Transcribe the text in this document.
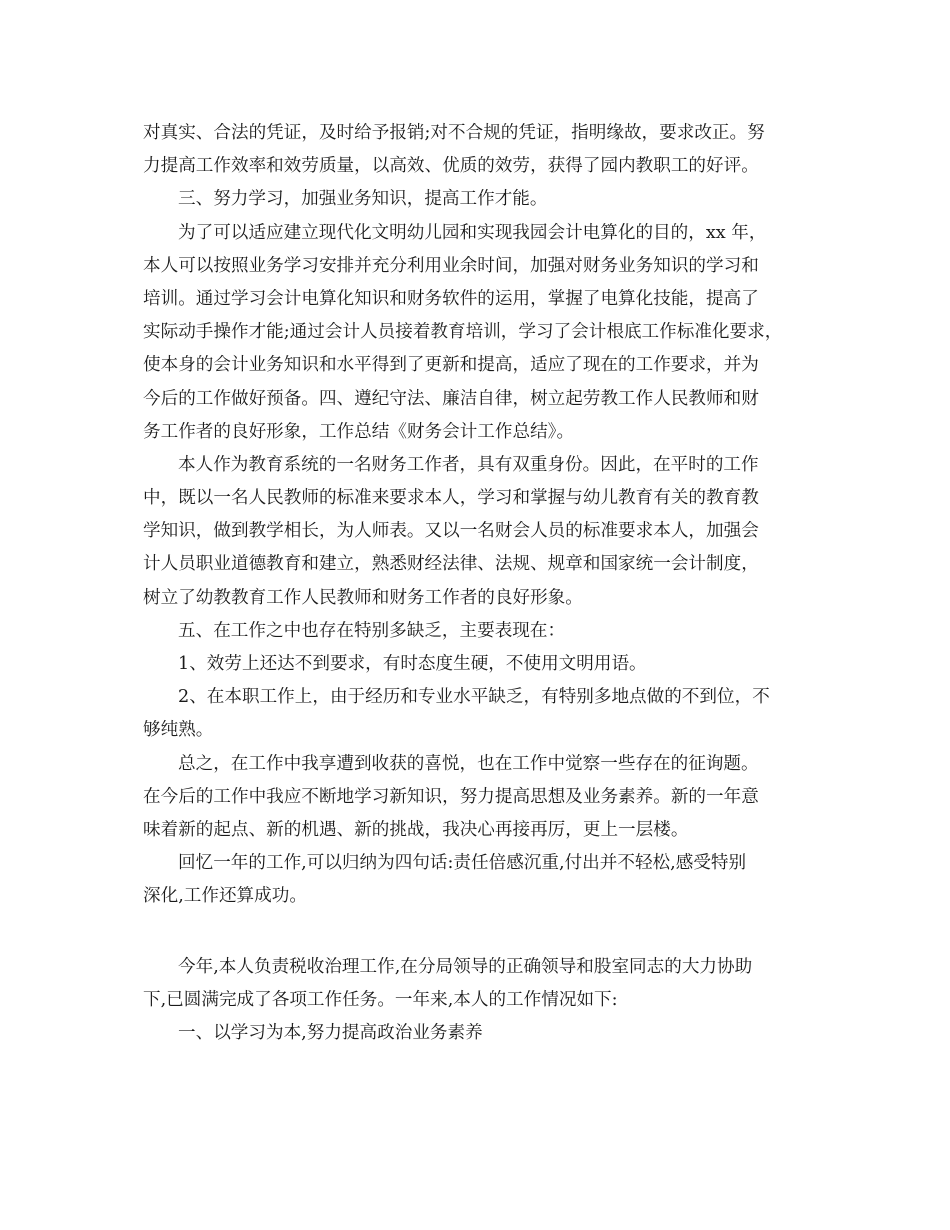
对真实、合法的凭证，及时给予报销;对不合规的凭证，指明缘故，要求改正。努
力提高工作效率和效劳质量，以高效、优质的效劳，获得了园内教职工的好评。
三、努力学习，加强业务知识，提高工作才能。
为了可以适应建立现代化文明幼儿园和实现我园会计电算化的目的，xx 年，
本人可以按照业务学习安排并充分利用业余时间，加强对财务业务知识的学习和
培训。通过学习会计电算化知识和财务软件的运用，掌握了电算化技能，提高了
实际动手操作才能;通过会计人员接着教育培训，学习了会计根底工作标准化要求，
使本身的会计业务知识和水平得到了更新和提高，适应了现在的工作要求，并为
今后的工作做好预备。四、遵纪守法、廉洁自律，树立起劳教工作人民教师和财
务工作者的良好形象，工作总结《财务会计工作总结》。
本人作为教育系统的一名财务工作者，具有双重身份。因此，在平时的工作
中，既以一名人民教师的标准来要求本人，学习和掌握与幼儿教育有关的教育教
学知识，做到教学相长，为人师表。又以一名财会人员的标准要求本人，加强会
计人员职业道德教育和建立，熟悉财经法律、法规、规章和国家统一会计制度，
树立了幼教教育工作人民教师和财务工作者的良好形象。
五、在工作之中也存在特别多缺乏，主要表现在：
1、效劳上还达不到要求，有时态度生硬，不使用文明用语。
2、在本职工作上，由于经历和专业水平缺乏，有特别多地点做的不到位，不
够纯熟。
总之，在工作中我享遭到收获的喜悦，也在工作中觉察一些存在的征询题。
在今后的工作中我应不断地学习新知识，努力提高思想及业务素养。新的一年意
味着新的起点、新的机遇、新的挑战，我决心再接再厉，更上一层楼。
回忆一年的工作,可以归纳为四句话:责任倍感沉重,付出并不轻松,感受特别
深化,工作还算成功。
今年,本人负责税收治理工作,在分局领导的正确领导和股室同志的大力协助
下,已圆满完成了各项工作任务。一年来,本人的工作情况如下:
一、以学习为本,努力提高政治业务素养
